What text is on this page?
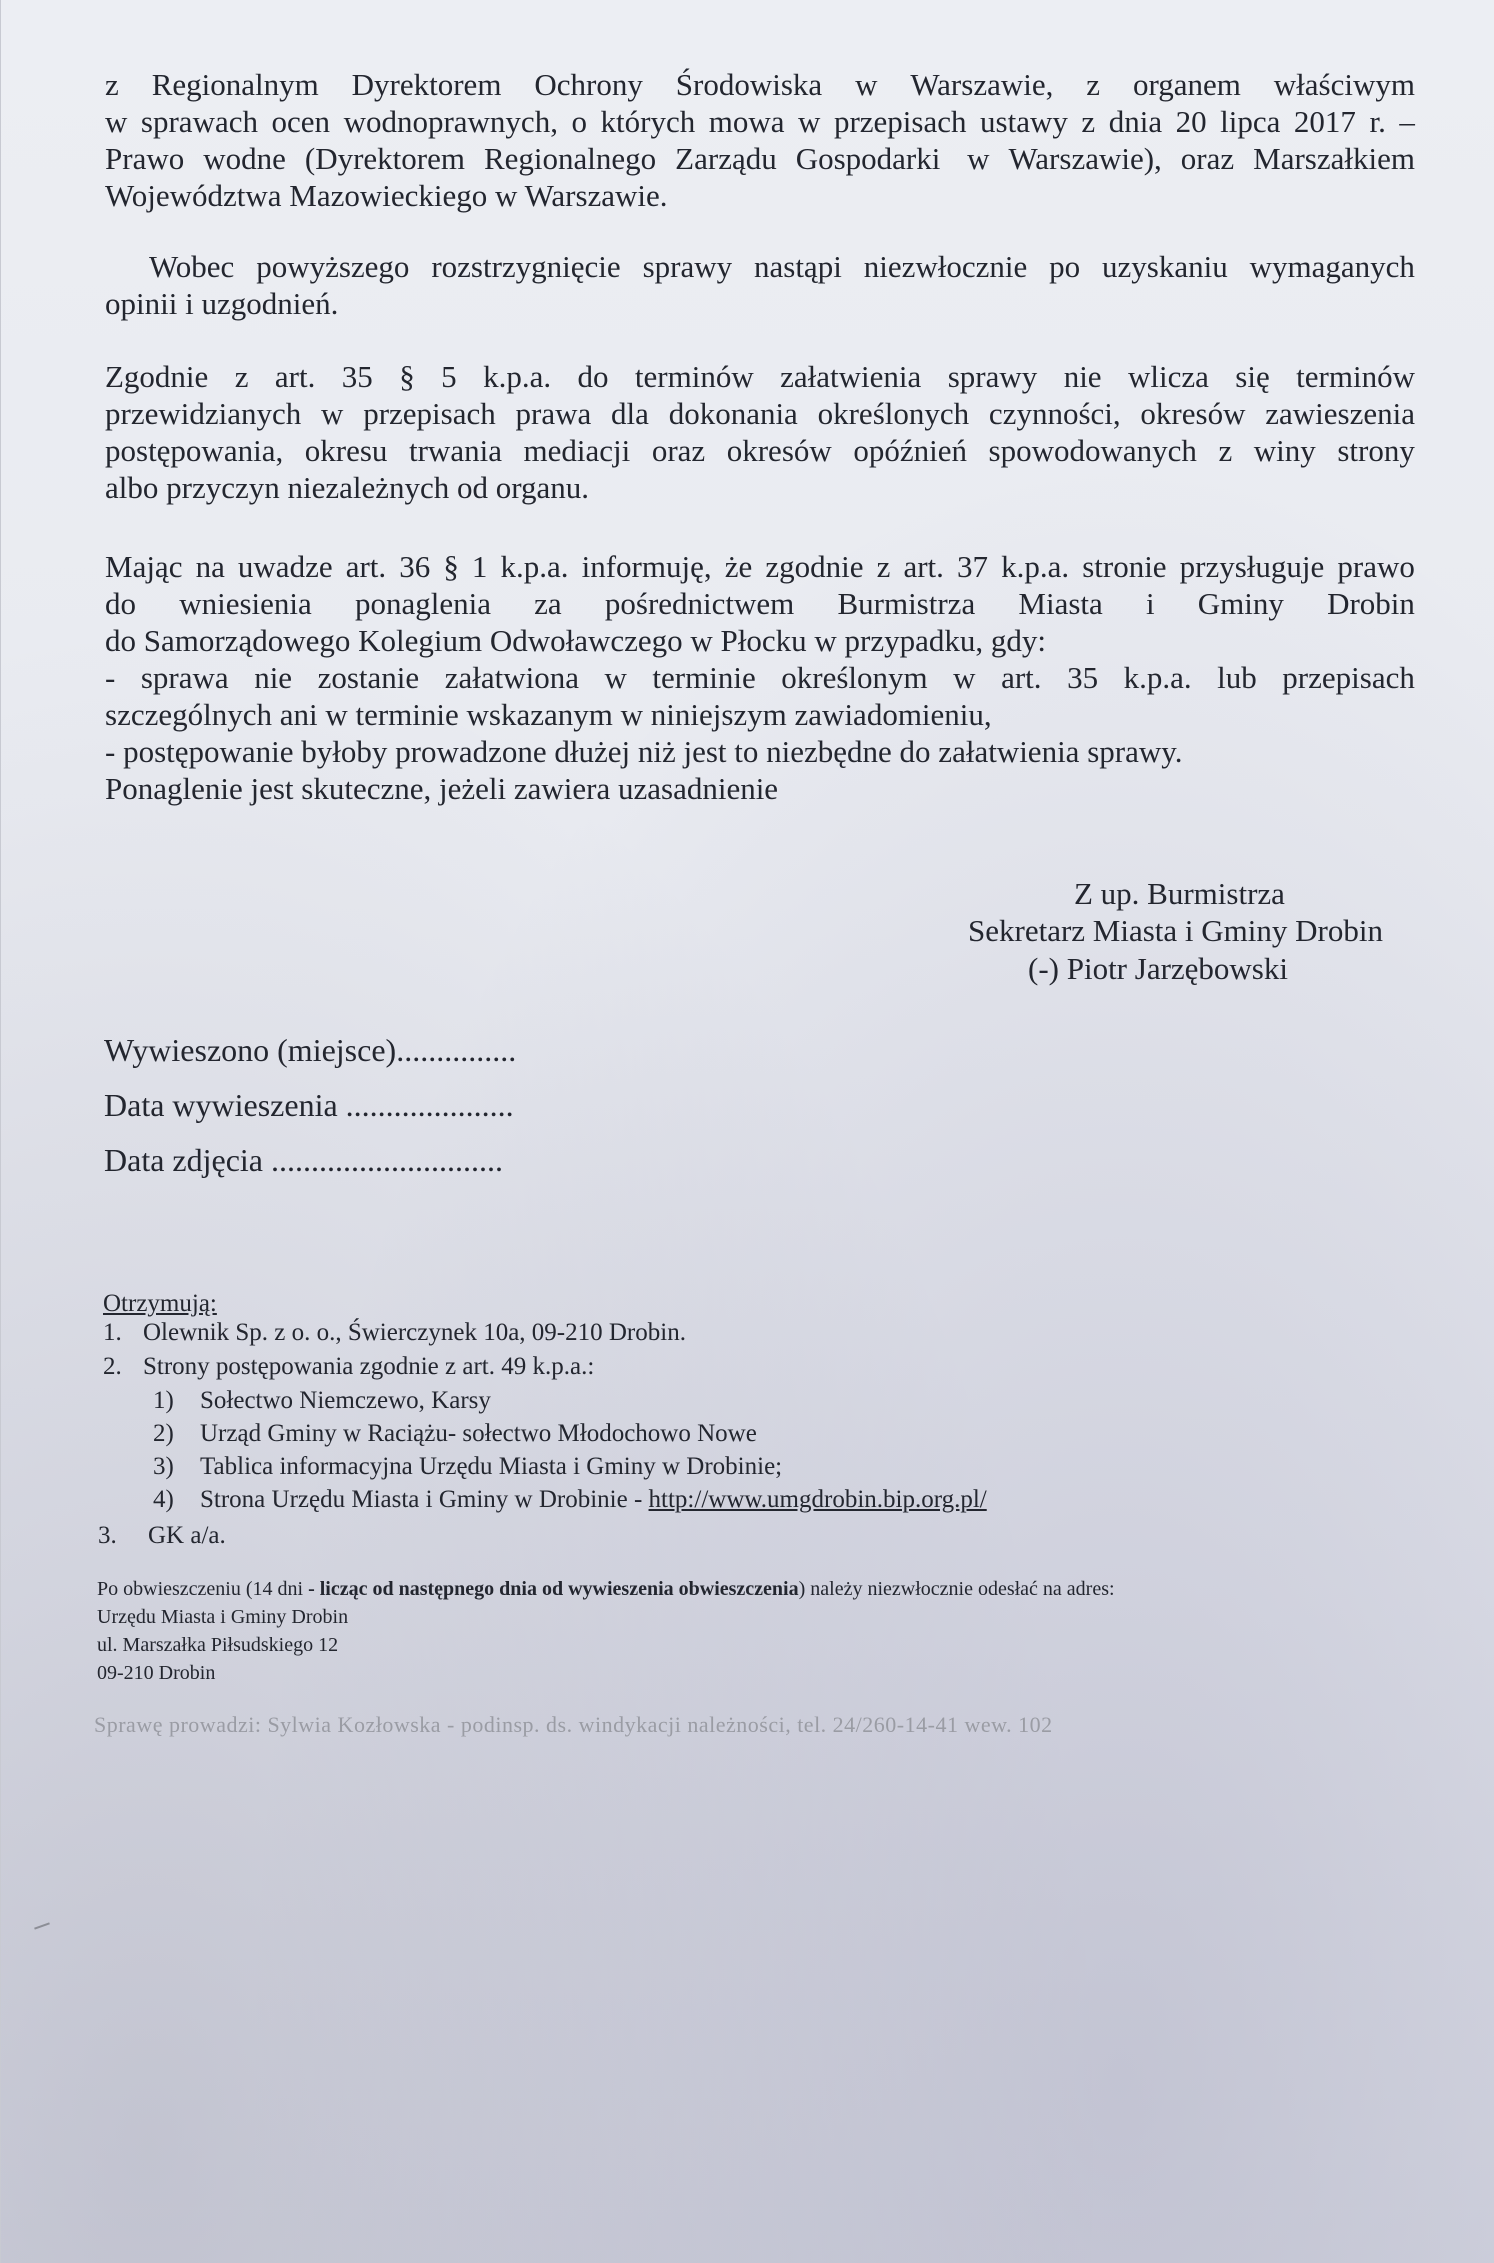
z Regionalnym Dyrektorem Ochrony Środowiska w Warszawie, z organem właściwym
w sprawach ocen wodnoprawnych, o których mowa w przepisach ustawy z dnia 20 lipca 2017 r. –
Prawo wodne (Dyrektorem Regionalnego Zarządu Gospodarki w Warszawie), oraz Marszałkiem
Województwa Mazowieckiego w Warszawie.
Wobec powyższego rozstrzygnięcie sprawy nastąpi niezwłocznie po uzyskaniu wymaganych
opinii i uzgodnień.
Zgodnie z art. 35 § 5 k.p.a. do terminów załatwienia sprawy nie wlicza się terminów
przewidzianych w przepisach prawa dla dokonania określonych czynności, okresów zawieszenia
postępowania, okresu trwania mediacji oraz okresów opóźnień spowodowanych z winy strony
albo przyczyn niezależnych od organu.
Mając na uwadze art. 36 § 1 k.p.a. informuję, że zgodnie z art. 37 k.p.a. stronie przysługuje prawo
do wniesienia ponaglenia za pośrednictwem Burmistrza Miasta i Gminy Drobin
do Samorządowego Kolegium Odwoławczego w Płocku w przypadku, gdy:
- sprawa nie zostanie załatwiona w terminie określonym w art. 35 k.p.a. lub przepisach
szczególnych ani w terminie wskazanym w niniejszym zawiadomieniu,
- postępowanie byłoby prowadzone dłużej niż jest to niezbędne do załatwienia sprawy.
Ponaglenie jest skuteczne, jeżeli zawiera uzasadnienie
Z up. Burmistrza
Sekretarz Miasta i Gminy Drobin
(-) Piotr Jarzębowski
Wywieszono (miejsce)...............
Data wywieszenia .....................
Data zdjęcia .............................
Otrzymują:
1. Olewnik Sp. z o. o., Świerczynek 10a, 09-210 Drobin.
2. Strony postępowania zgodnie z art. 49 k.p.a.:
1) Sołectwo Niemczewo, Karsy
2) Urząd Gminy w Raciążu- sołectwo Młodochowo Nowe
3) Tablica informacyjna Urzędu Miasta i Gminy w Drobinie;
4) Strona Urzędu Miasta i Gminy w Drobinie - http://www.umgdrobin.bip.org.pl/
3. GK a/a.
Po obwieszczeniu (14 dni - licząc od następnego dnia od wywieszenia obwieszczenia) należy niezwłocznie odesłać na adres:
Urzędu Miasta i Gminy Drobin
ul. Marszałka Piłsudskiego 12
09-210 Drobin
Sprawę prowadzi: Sylwia Kozłowska - podinsp. ds. windykacji należności, tel. 24/260-14-41 wew. 102
